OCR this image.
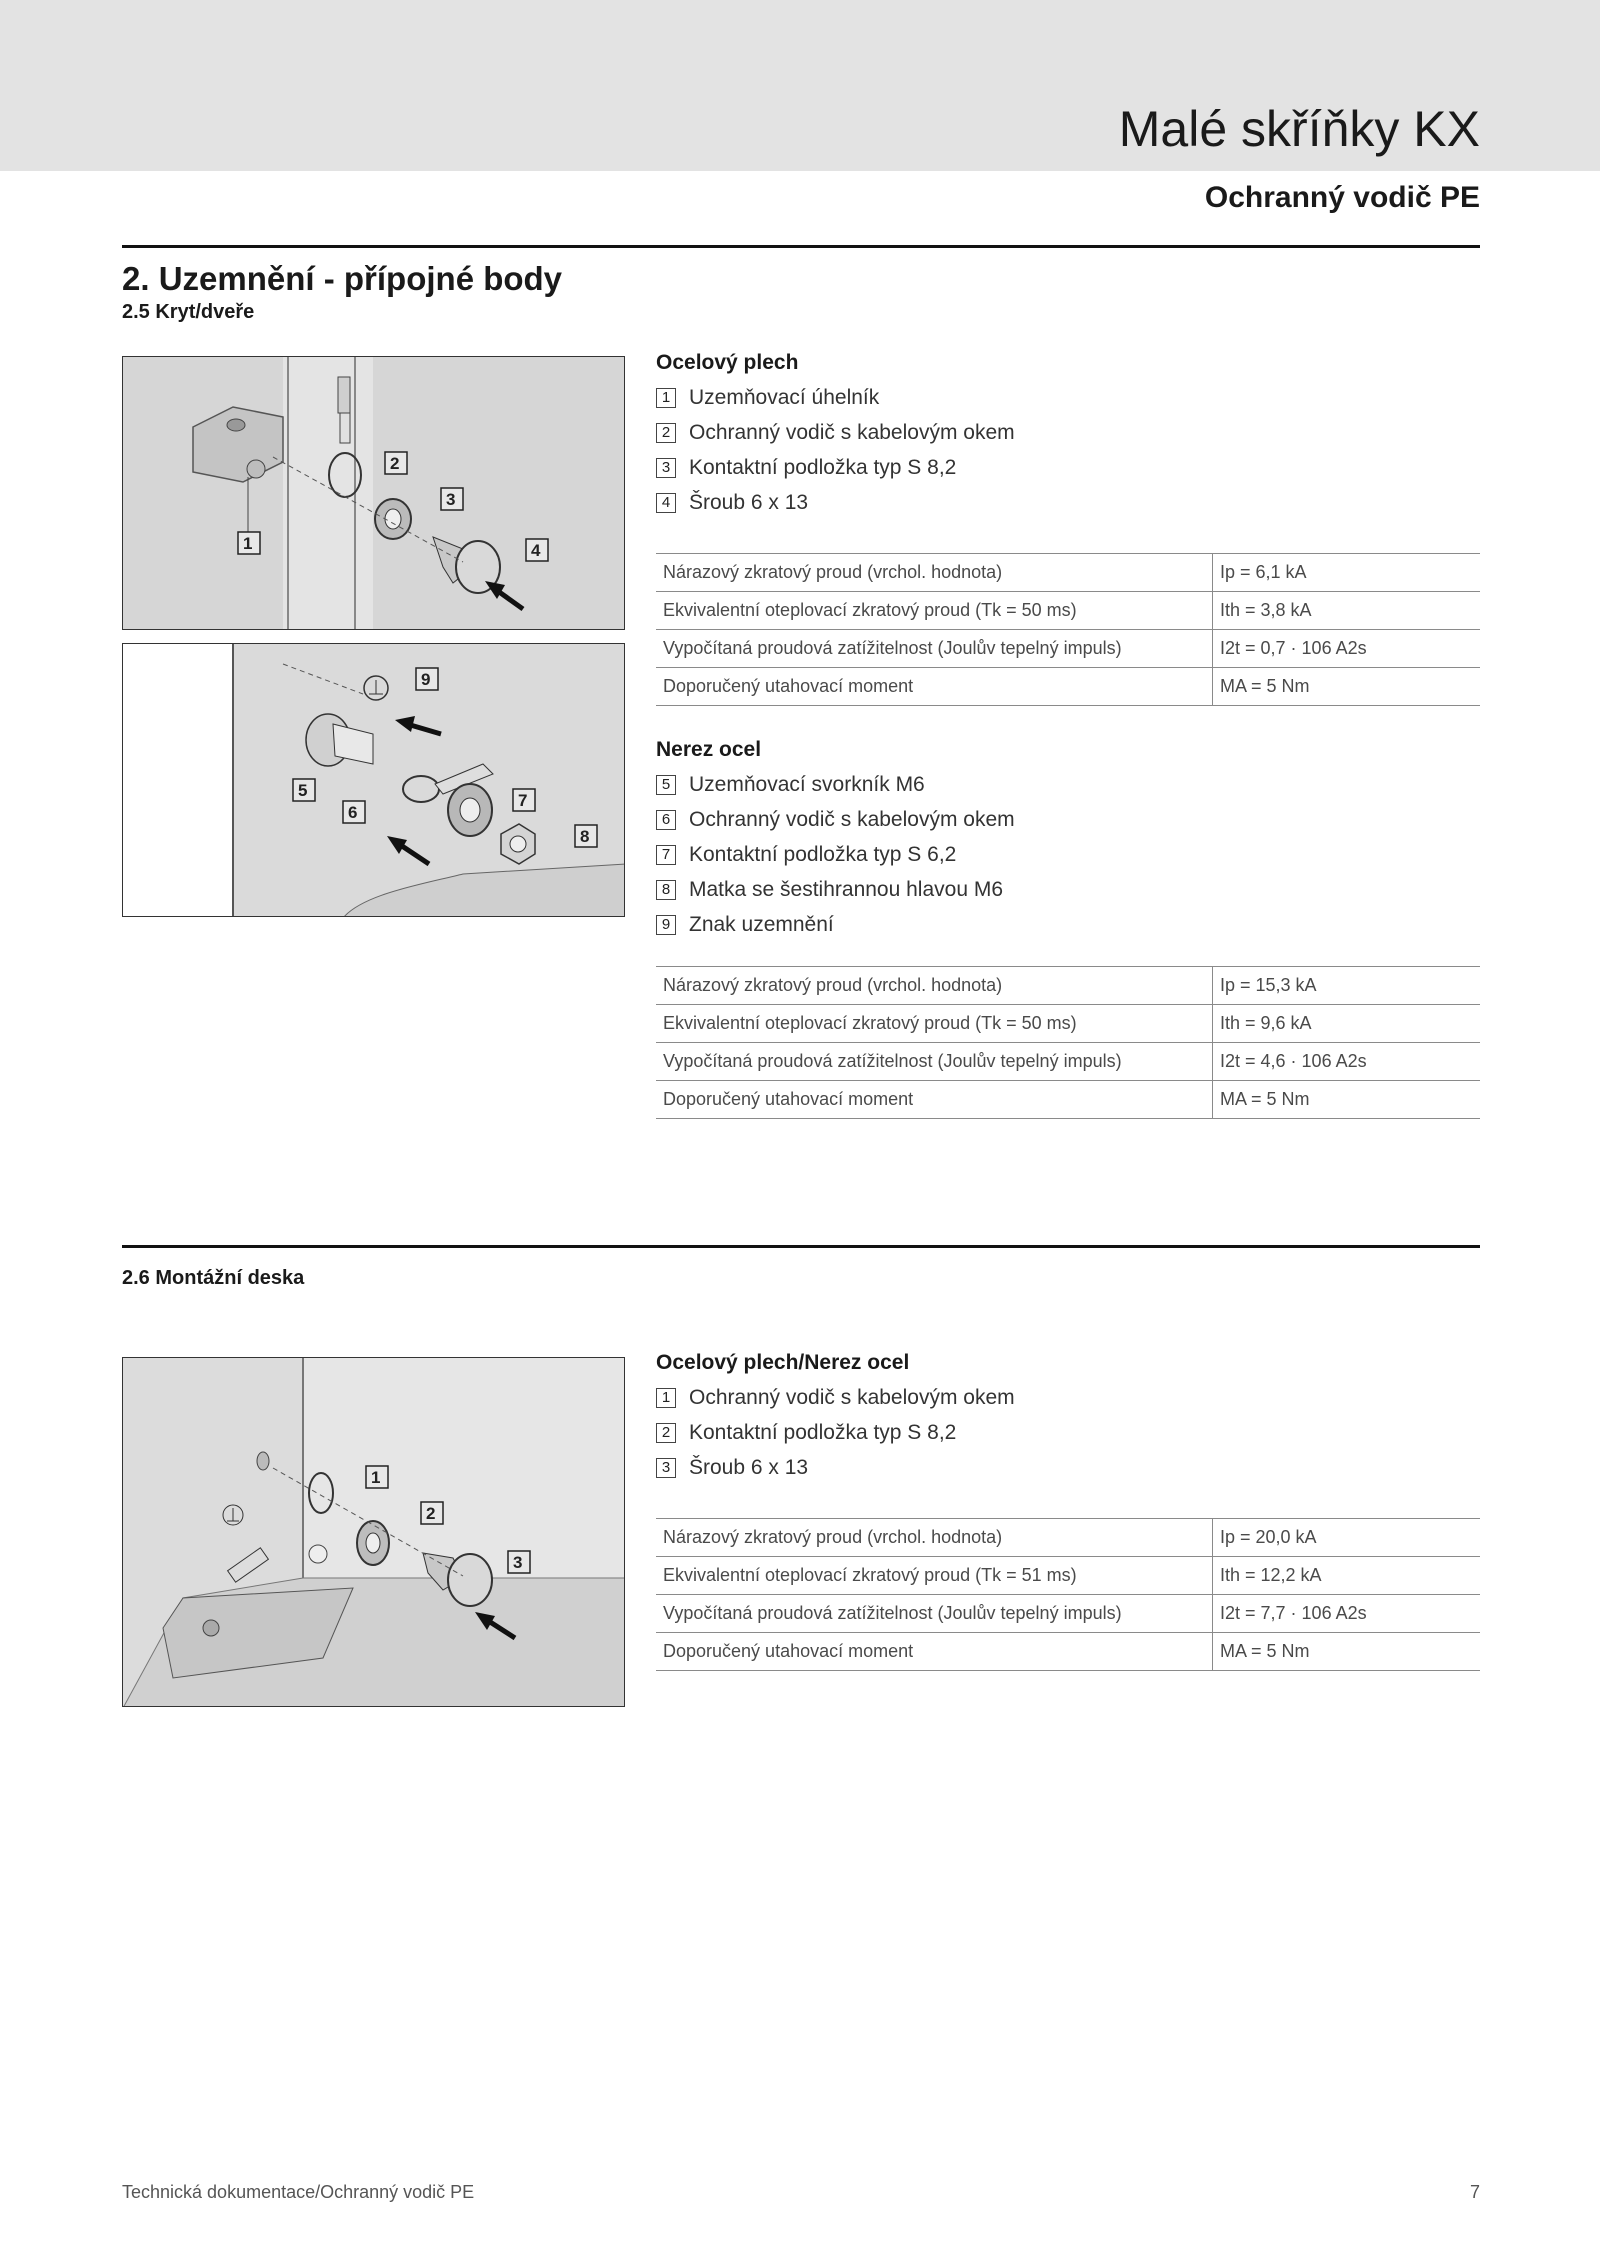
Malé skříňky KX
Ochranný vodič PE
2. Uzemnění - přípojné body
2.5 Kryt/dveře
1
2
3
4
5
6
7
8
9
Ocelový plech
1 Uzemňovací úhelník
2 Ochranný vodič s kabelovým okem
3 Kontaktní podložka typ S 8,2
4 Šroub 6 x 13
Nárazový zkratový proud (vrchol. hodnota)	Ip = 6,1 kA
Ekvivalentní oteplovací zkratový proud (Tk = 50 ms)	Ith = 3,8 kA
Vypočítaná proudová zatížitelnost (Joulův tepelný impuls)	I2t = 0,7 · 106 A2s
Doporučený utahovací moment	MA = 5 Nm
Nerez ocel
5 Uzemňovací svorkník M6
6 Ochranný vodič s kabelovým okem
7 Kontaktní podložka typ S 6,2
8 Matka se šestihrannou hlavou M6
9 Znak uzemnění
Nárazový zkratový proud (vrchol. hodnota)	Ip = 15,3 kA
Ekvivalentní oteplovací zkratový proud (Tk = 50 ms)	Ith = 9,6 kA
Vypočítaná proudová zatížitelnost (Joulův tepelný impuls)	I2t = 4,6 · 106 A2s
Doporučený utahovací moment	MA = 5 Nm
2.6 Montážní deska
1
2
3
Ocelový plech/Nerez ocel
1 Ochranný vodič s kabelovým okem
2 Kontaktní podložka typ S 8,2
3 Šroub 6 x 13
Nárazový zkratový proud (vrchol. hodnota)	Ip = 20,0 kA
Ekvivalentní oteplovací zkratový proud (Tk = 51 ms)	Ith = 12,2 kA
Vypočítaná proudová zatížitelnost (Joulův tepelný impuls)	I2t = 7,7 · 106 A2s
Doporučený utahovací moment	MA = 5 Nm
Technická dokumentace/Ochranný vodič PE	7
